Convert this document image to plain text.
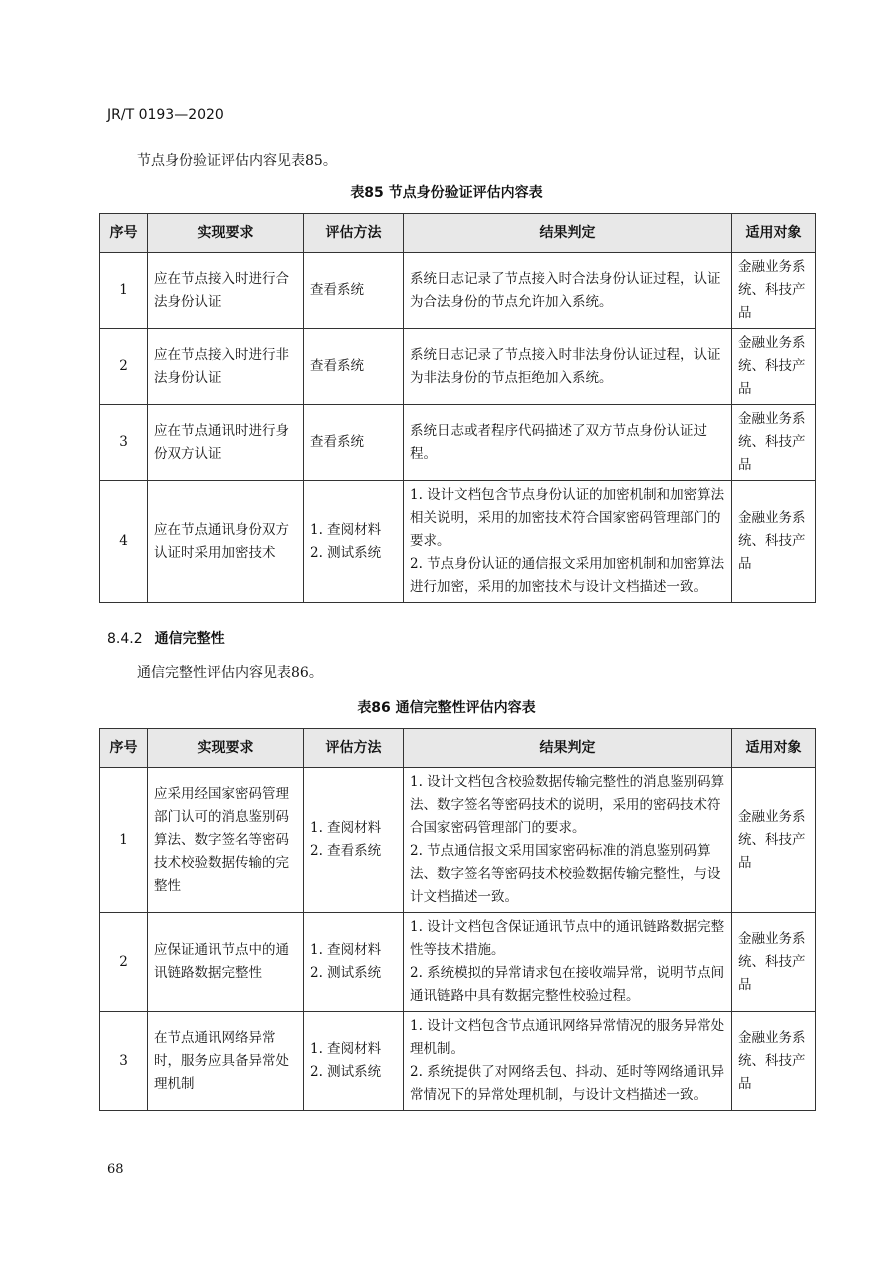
JR/T 0193—2020
节点身份验证评估内容见表85。
表85 节点身份验证评估内容表
序号	实现要求	评估方法	结果判定	适用对象
1	应在节点接入时进行合法身份认证	查看系统	系统日志记录了节点接入时合法身份认证过程，认证为合法身份的节点允许加入系统。	金融业务系统、科技产品
2	应在节点接入时进行非法身份认证	查看系统	系统日志记录了节点接入时非法身份认证过程，认证为非法身份的节点拒绝加入系统。	金融业务系统、科技产品
3	应在节点通讯时进行身份双方认证	查看系统	系统日志或者程序代码描述了双方节点身份认证过程。	金融业务系统、科技产品
4	应在节点通讯身份双方认证时采用加密技术	1. 查阅材料
2. 测试系统	1. 设计文档包含节点身份认证的加密机制和加密算法相关说明，采用的加密技术符合国家密码管理部门的要求。
2. 节点身份认证的通信报文采用加密机制和加密算法进行加密，采用的加密技术与设计文档描述一致。	金融业务系统、科技产品
8.4.2 通信完整性
通信完整性评估内容见表86。
表86 通信完整性评估内容表
序号	实现要求	评估方法	结果判定	适用对象
1	应采用经国家密码管理部门认可的消息鉴别码算法、数字签名等密码技术校验数据传输的完整性	1. 查阅材料
2. 查看系统	1. 设计文档包含校验数据传输完整性的消息鉴别码算法、数字签名等密码技术的说明，采用的密码技术符合国家密码管理部门的要求。
2. 节点通信报文采用国家密码标准的消息鉴别码算法、数字签名等密码技术校验数据传输完整性，与设计文档描述一致。	金融业务系统、科技产品
2	应保证通讯节点中的通讯链路数据完整性	1. 查阅材料
2. 测试系统	1. 设计文档包含保证通讯节点中的通讯链路数据完整性等技术措施。
2. 系统模拟的异常请求包在接收端异常，说明节点间通讯链路中具有数据完整性校验过程。	金融业务系统、科技产品
3	在节点通讯网络异常时，服务应具备异常处理机制	1. 查阅材料
2. 测试系统	1. 设计文档包含节点通讯网络异常情况的服务异常处理机制。
2. 系统提供了对网络丢包、抖动、延时等网络通讯异常情况下的异常处理机制，与设计文档描述一致。	金融业务系统、科技产品
68
